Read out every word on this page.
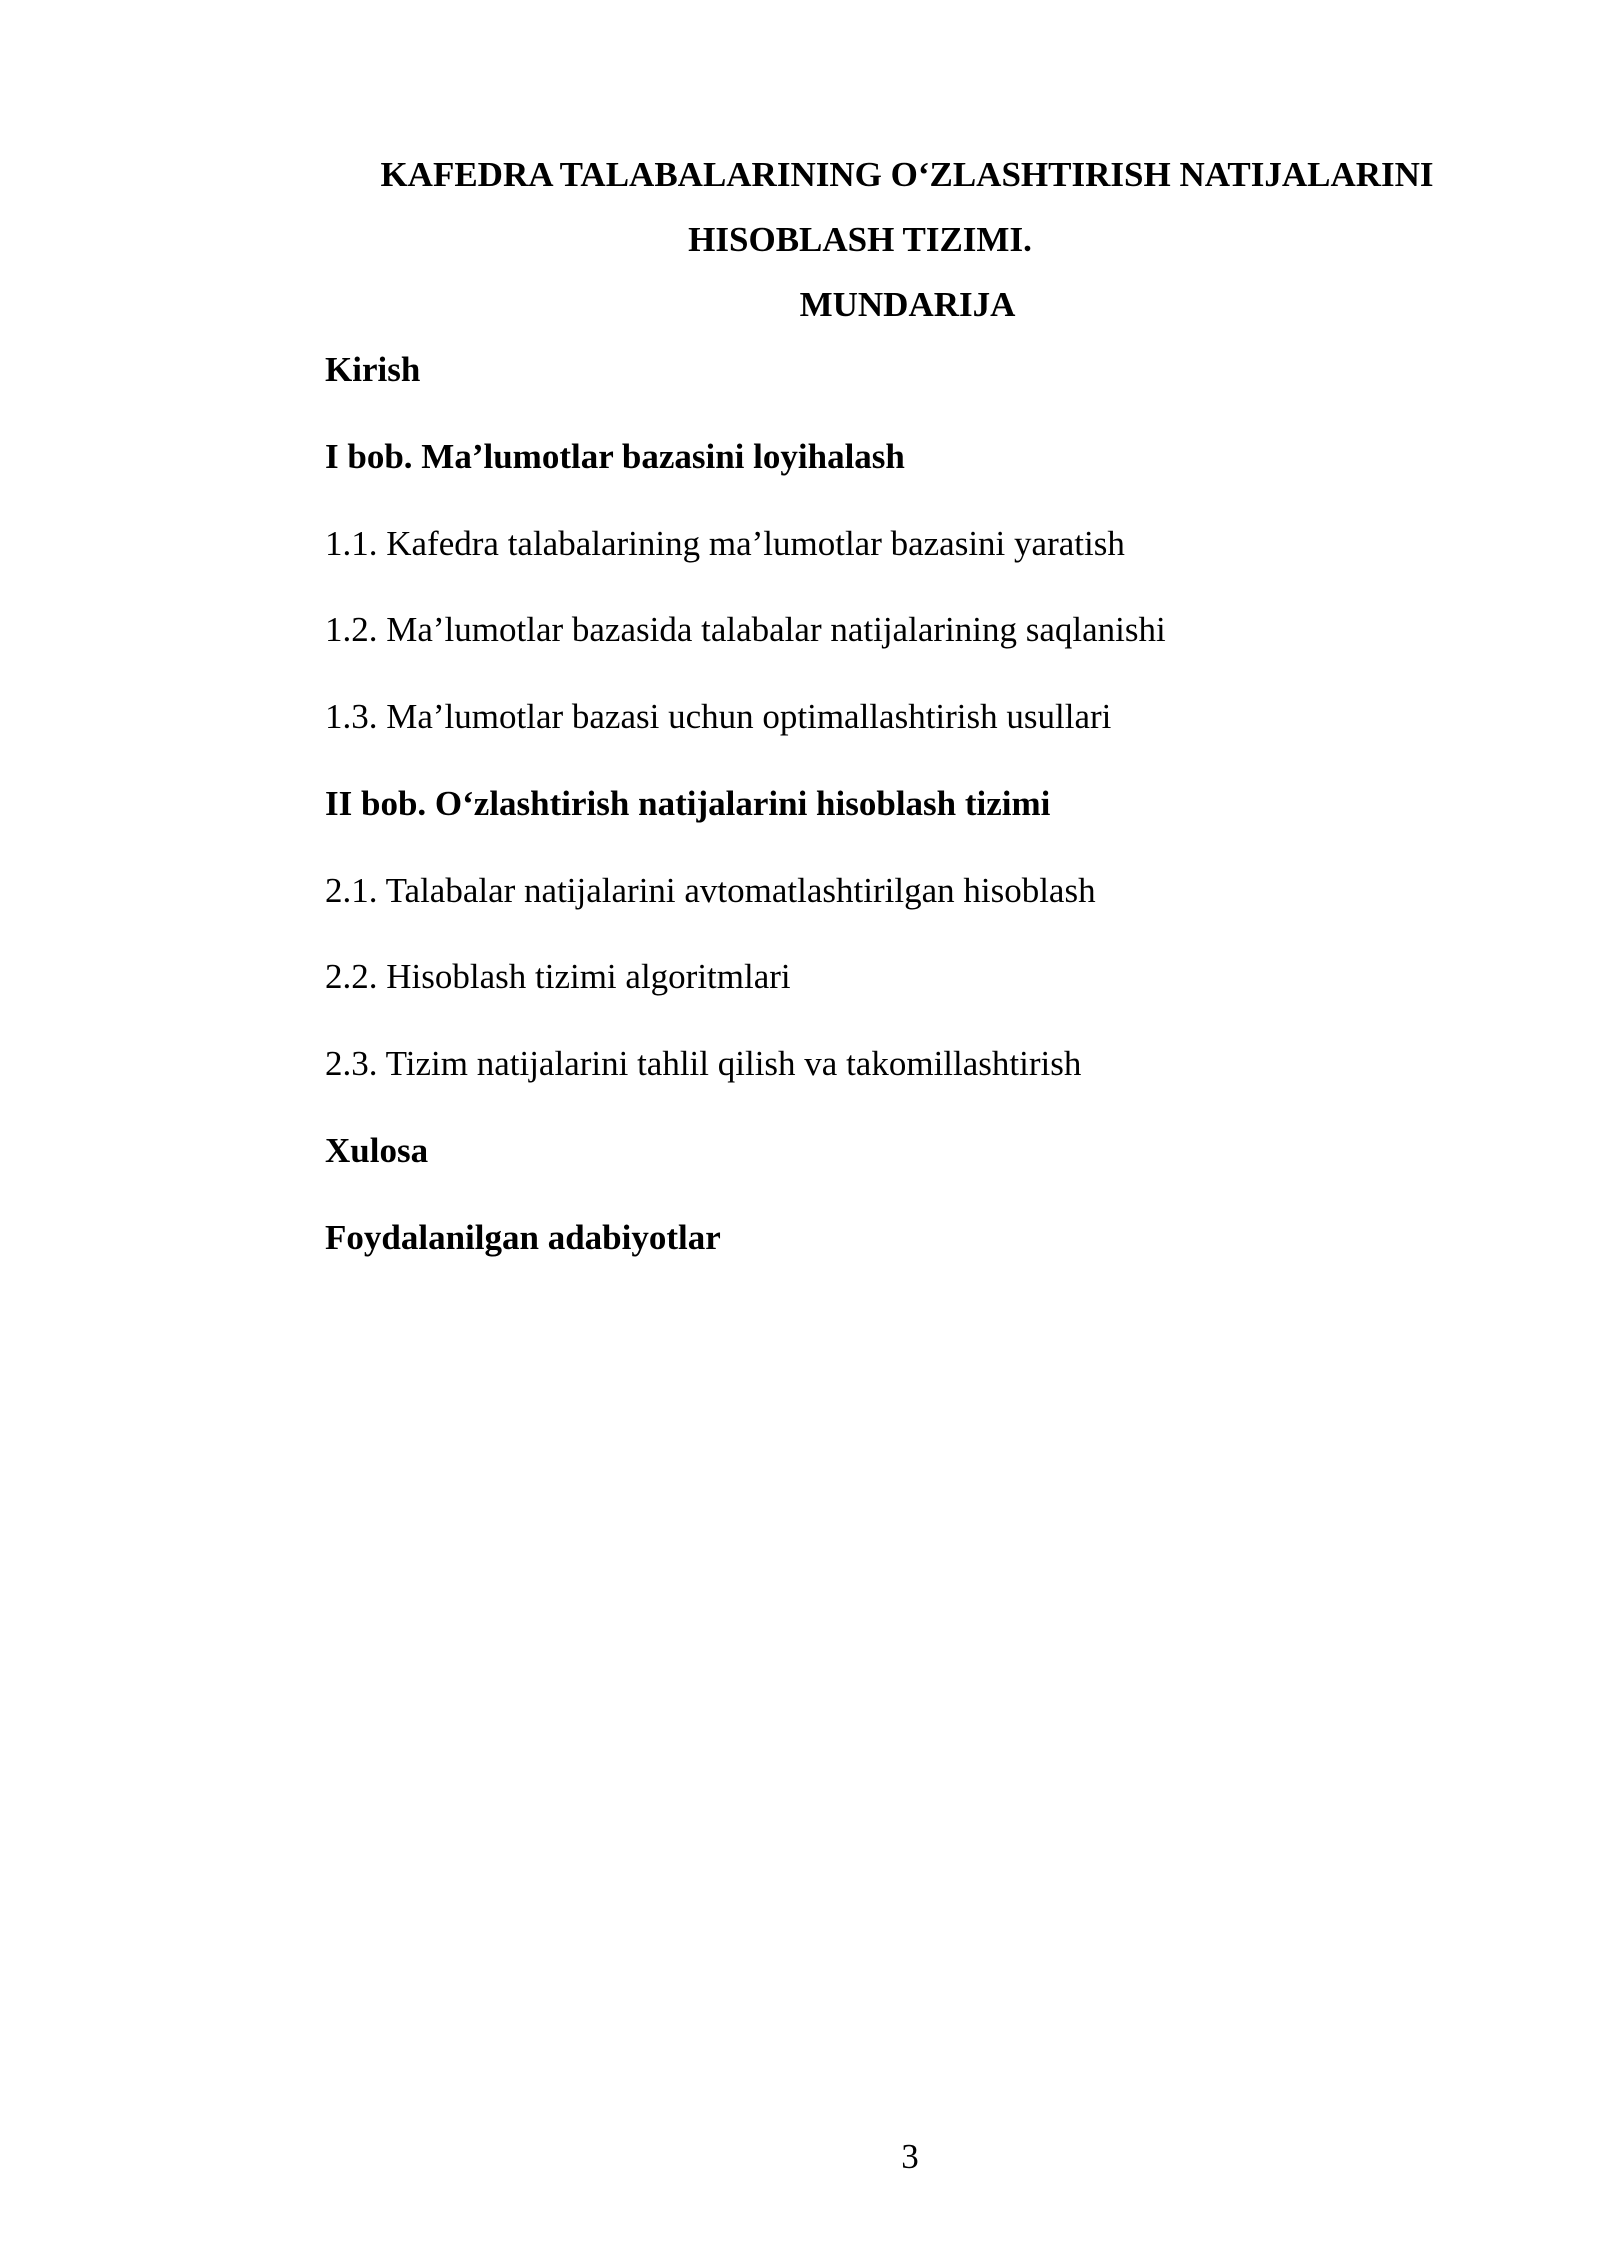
KAFEDRA TALABALARINING O‘ZLASHTIRISH NATIJALARINI
HISOBLASH TIZIMI.
MUNDARIJA
Kirish
I bob. Ma’lumotlar bazasini loyihalash
1.1. Kafedra talabalarining ma’lumotlar bazasini yaratish
1.2. Ma’lumotlar bazasida talabalar natijalarining saqlanishi
1.3. Ma’lumotlar bazasi uchun optimallashtirish usullari
II bob. O‘zlashtirish natijalarini hisoblash tizimi
2.1. Talabalar natijalarini avtomatlashtirilgan hisoblash
2.2. Hisoblash tizimi algoritmlari
2.3. Tizim natijalarini tahlil qilish va takomillashtirish
Xulosa
Foydalanilgan adabiyotlar
3
